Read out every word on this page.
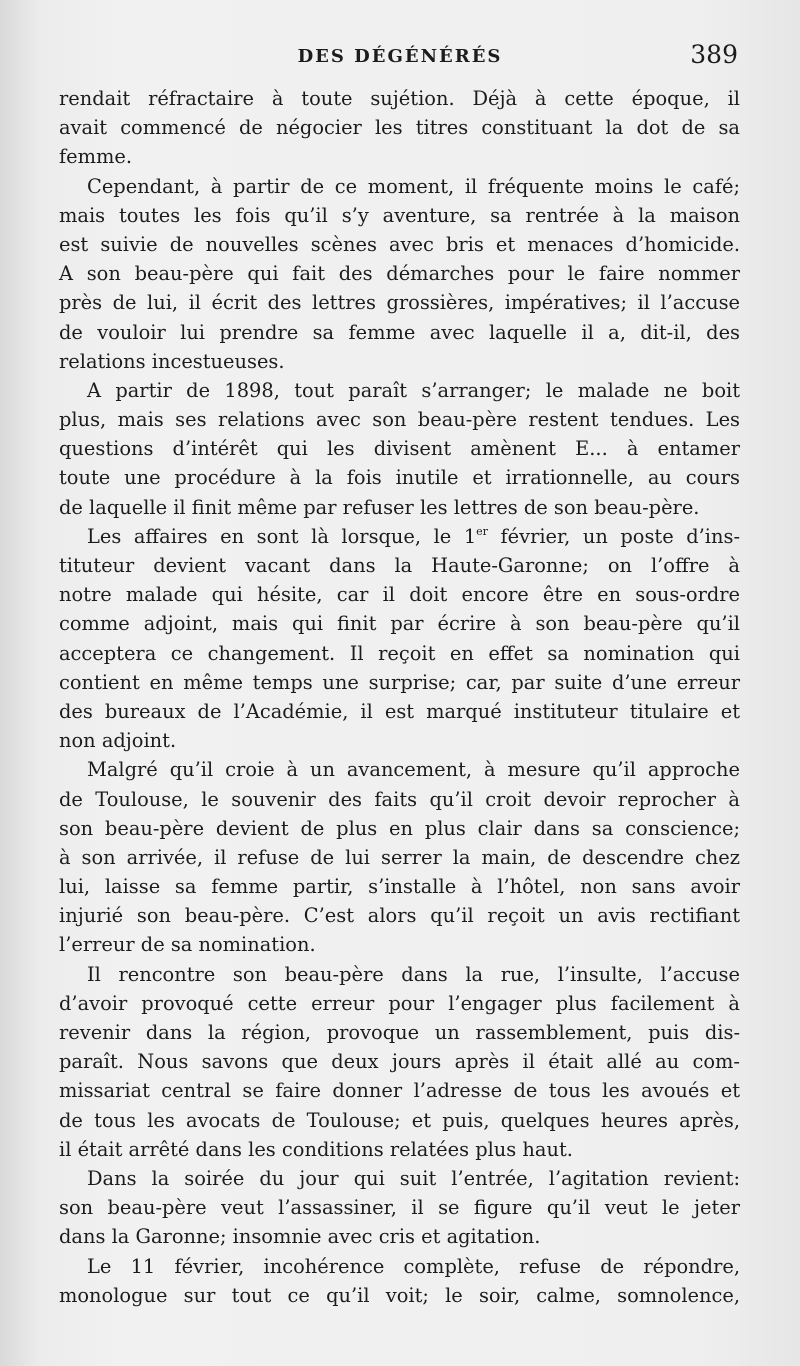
DES DÉGÉNÉRÉS	389
rendait réfractaire à toute sujétion. Déjà à cette époque, il
avait commencé de négocier les titres constituant la dot de sa
femme.
Cependant, à partir de ce moment, il fréquente moins le café;
mais toutes les fois qu’il s’y aventure, sa rentrée à la maison
est suivie de nouvelles scènes avec bris et menaces d’homicide.
A son beau-père qui fait des démarches pour le faire nommer
près de lui, il écrit des lettres grossières, impératives; il l’accuse
de vouloir lui prendre sa femme avec laquelle il a, dit-il, des
relations incestueuses.
A partir de 1898, tout paraît s’arranger; le malade ne boit
plus, mais ses relations avec son beau-père restent tendues. Les
questions d’intérêt qui les divisent amènent E... à entamer
toute une procédure à la fois inutile et irrationnelle, au cours
de laquelle il finit même par refuser les lettres de son beau-père.
Les affaires en sont là lorsque, le 1er février, un poste d’ins-
tituteur devient vacant dans la Haute-Garonne; on l’offre à
notre malade qui hésite, car il doit encore être en sous-ordre
comme adjoint, mais qui finit par écrire à son beau-père qu’il
acceptera ce changement. Il reçoit en effet sa nomination qui
contient en même temps une surprise; car, par suite d’une erreur
des bureaux de l’Académie, il est marqué instituteur titulaire et
non adjoint.
Malgré qu’il croie à un avancement, à mesure qu’il approche
de Toulouse, le souvenir des faits qu’il croit devoir reprocher à
son beau-père devient de plus en plus clair dans sa conscience;
à son arrivée, il refuse de lui serrer la main, de descendre chez
lui, laisse sa femme partir, s’installe à l’hôtel, non sans avoir
injurié son beau-père. C’est alors qu’il reçoit un avis rectifiant
l’erreur de sa nomination.
Il rencontre son beau-père dans la rue, l’insulte, l’accuse
d’avoir provoqué cette erreur pour l’engager plus facilement à
revenir dans la région, provoque un rassemblement, puis dis-
paraît. Nous savons que deux jours après il était allé au com-
missariat central se faire donner l’adresse de tous les avoués et
de tous les avocats de Toulouse; et puis, quelques heures après,
il était arrêté dans les conditions relatées plus haut.
Dans la soirée du jour qui suit l’entrée, l’agitation revient:
son beau-père veut l’assassiner, il se figure qu’il veut le jeter
dans la Garonne; insomnie avec cris et agitation.
Le 11 février, incohérence complète, refuse de répondre,
monologue sur tout ce qu’il voit; le soir, calme, somnolence,
